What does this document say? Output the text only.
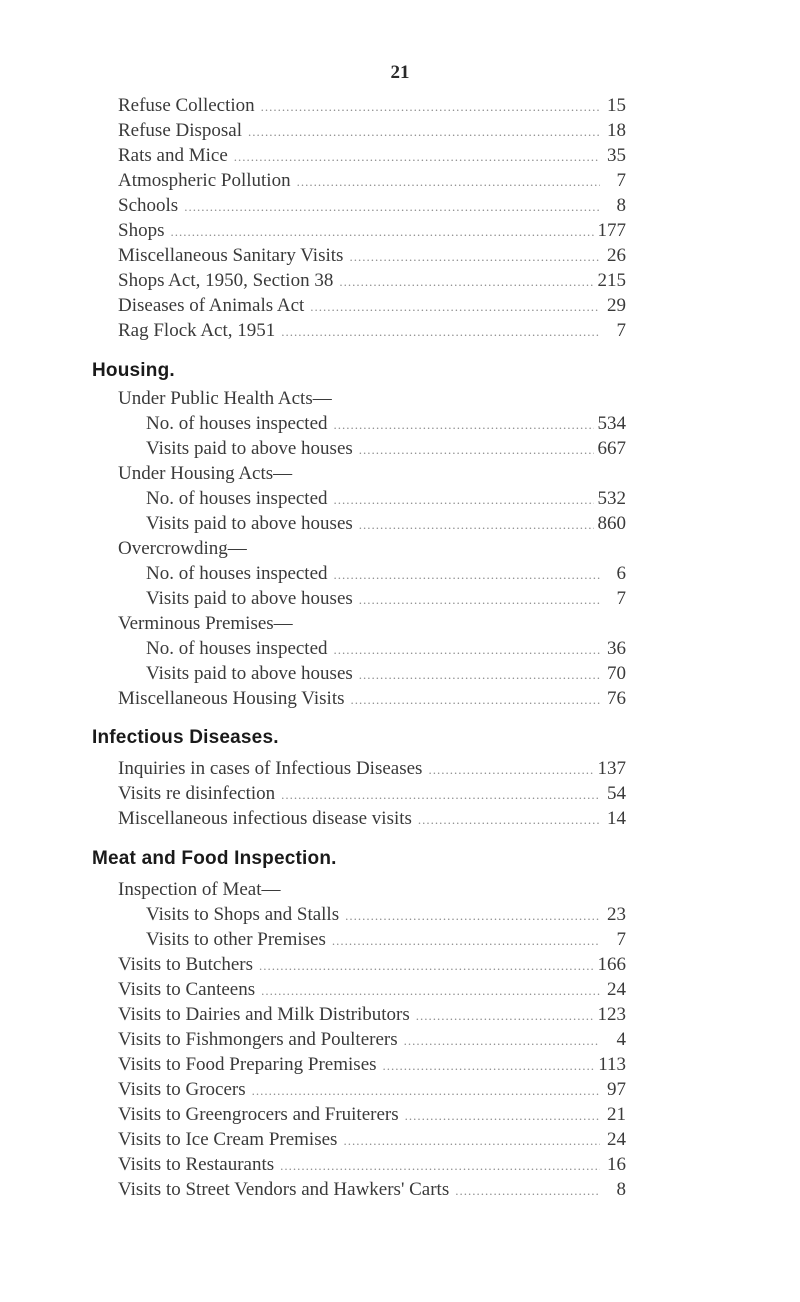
21
Refuse Collection .....	15
Refuse Disposal .....	18
Rats and Mice .....	35
Atmospheric Pollution .....	7
Schools .....	8
Shops .....	177
Miscellaneous Sanitary Visits .....	26
Shops Act, 1950, Section 38 .....	215
Diseases of Animals Act .....	29
Rag Flock Act, 1951 .....	7
Housing.
Under Public Health Acts—
No. of houses inspected .....	534
Visits paid to above houses .....	667
Under Housing Acts—
No. of houses inspected .....	532
Visits paid to above houses .....	860
Overcrowding—
No. of houses inspected .....	6
Visits paid to above houses .....	7
Verminous Premises—
No. of houses inspected .....	36
Visits paid to above houses .....	70
Miscellaneous Housing Visits .....	76
Infectious Diseases.
Inquiries in cases of Infectious Diseases .....	137
Visits re disinfection .....	54
Miscellaneous infectious disease visits .....	14
Meat and Food Inspection.
Inspection of Meat—
Visits to Shops and Stalls .....	23
Visits to other Premises .....	7
Visits to Butchers .....	166
Visits to Canteens .....	24
Visits to Dairies and Milk Distributors .....	123
Visits to Fishmongers and Poulterers .....	4
Visits to Food Preparing Premises .....	113
Visits to Grocers .....	97
Visits to Greengrocers and Fruiterers .....	21
Visits to Ice Cream Premises .....	24
Visits to Restaurants .....	16
Visits to Street Vendors and Hawkers' Carts .....	8
